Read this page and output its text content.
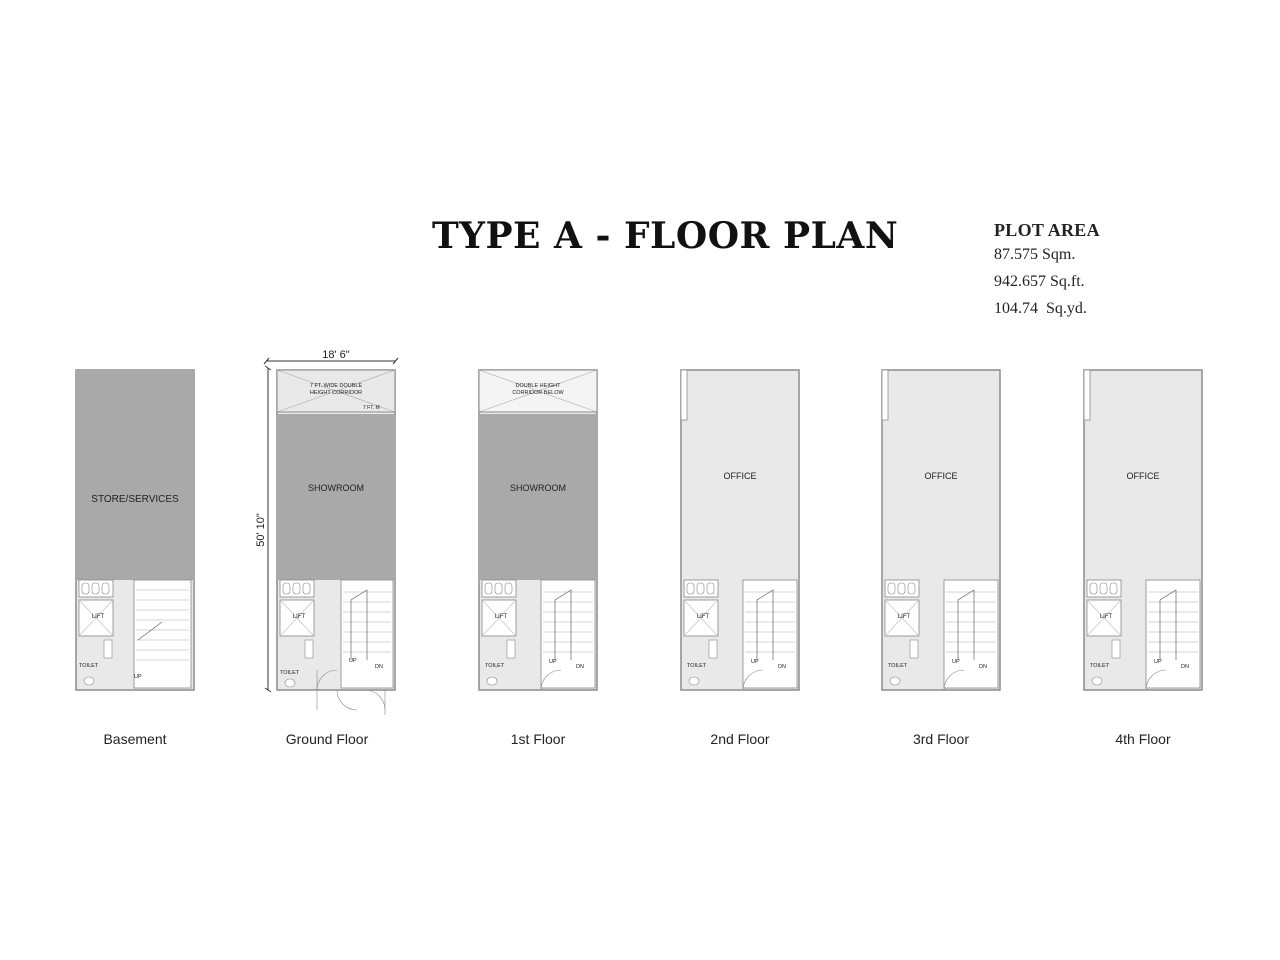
TYPE A - FLOOR PLAN	PLOT AREA
87.575 Sqm.
942.657 Sq.ft.
104.74  Sq.yd.
18' 6"
50' 10"
STORE/SERVICES
LIFT
TOILET
UP
7 FT. WIDE DOUBLE
HEIGHT CORRIDOR
7 FT. M
SHOWROOM
LIFT
TOILET
UP
DN
DOUBLE HEIGHT
CORRIDOR BELOW
SHOWROOM
LIFT
TOILET
UP
DN
OFFICE
LIFT
TOILET
UP
DN
OFFICE
LIFT
TOILET
UP
DN
OFFICE
LIFT
TOILET
UP
DN
Basement	Ground Floor	1st Floor	2nd Floor	3rd Floor	4th Floor
